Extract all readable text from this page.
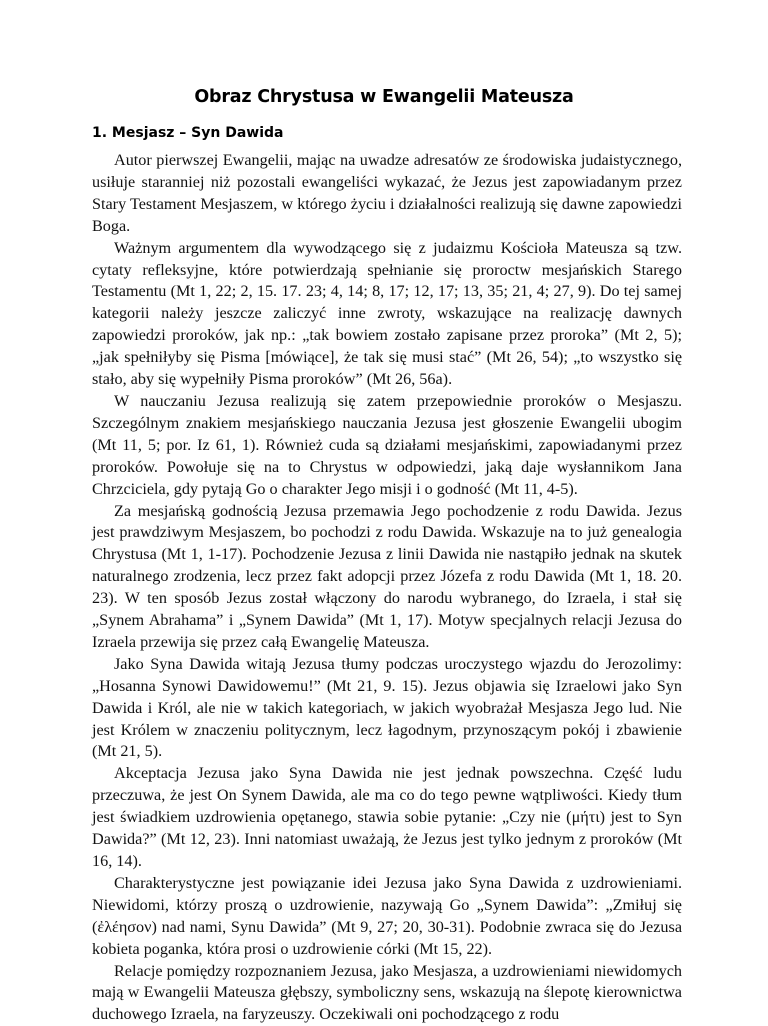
Obraz Chrystusa w Ewangelii Mateusza
1. Mesjasz – Syn Dawida

Autor pierwszej Ewangelii, mając na uwadze adresatów ze środowiska judaistycznego, usiłuje staranniej niż pozostali ewangeliści wykazać, że Jezus jest zapowiadanym przez Stary Testament Mesjaszem, w którego życiu i działalności realizują się dawne zapowiedzi Boga.

Ważnym argumentem dla wywodzącego się z judaizmu Kościoła Mateusza są tzw. cytaty refleksyjne, które potwierdzają spełnianie się proroctw mesjańskich Starego Testamentu (Mt 1, 22; 2, 15. 17. 23; 4, 14; 8, 17; 12, 17; 13, 35; 21, 4; 27, 9). Do tej samej kategorii należy jeszcze zaliczyć inne zwroty, wskazujące na realizację dawnych zapowiedzi proroków, jak np.: „tak bowiem zostało zapisane przez proroka” (Mt 2, 5); „jak spełniłyby się Pisma [mówiące], że tak się musi stać” (Mt 26, 54); „to wszystko się stało, aby się wypełniły Pisma proroków” (Mt 26, 56a).

W nauczaniu Jezusa realizują się zatem przepowiednie proroków o Mesjaszu. Szczególnym znakiem mesjańskiego nauczania Jezusa jest głoszenie Ewangelii ubogim (Mt 11, 5; por. Iz 61, 1). Również cuda są działami mesjańskimi, zapowiadanymi przez proroków. Powołuje się na to Chrystus w odpowiedzi, jaką daje wysłannikom Jana Chrzciciela, gdy pytają Go o charakter Jego misji i o godność (Mt 11, 4-5).

Za mesjańską godnością Jezusa przemawia Jego pochodzenie z rodu Dawida. Jezus jest prawdziwym Mesjaszem, bo pochodzi z rodu Dawida. Wskazuje na to już genealogia Chrystusa (Mt 1, 1-17). Pochodzenie Jezusa z linii Dawida nie nastąpiło jednak na skutek naturalnego zrodzenia, lecz przez fakt adopcji przez Józefa z rodu Dawida (Mt 1, 18. 20. 23). W ten sposób Jezus został włączony do narodu wybranego, do Izraela, i stał się „Synem Abrahama” i „Synem Dawida” (Mt 1, 17). Motyw specjalnych relacji Jezusa do Izraela przewija się przez całą Ewangelię Mateusza.

Jako Syna Dawida witają Jezusa tłumy podczas uroczystego wjazdu do Jerozolimy: „Hosanna Synowi Dawidowemu!” (Mt 21, 9. 15). Jezus objawia się Izraelowi jako Syn Dawida i Król, ale nie w takich kategoriach, w jakich wyobrażał Mesjasza Jego lud. Nie jest Królem w znaczeniu politycznym, lecz łagodnym, przynoszącym pokój i zbawienie (Mt 21, 5).

Akceptacja Jezusa jako Syna Dawida nie jest jednak powszechna. Część ludu przeczuwa, że jest On Synem Dawida, ale ma co do tego pewne wątpliwości. Kiedy tłum jest świadkiem uzdrowienia opętanego, stawia sobie pytanie: „Czy nie (μήτι) jest to Syn Dawida?” (Mt 12, 23). Inni natomiast uważają, że Jezus jest tylko jednym z proroków (Mt 16, 14).

Charakterystyczne jest powiązanie idei Jezusa jako Syna Dawida z uzdrowieniami. Niewidomi, którzy proszą o uzdrowienie, nazywają Go „Synem Dawida”: „Zmiłuj się (ἐλέησον) nad nami, Synu Dawida” (Mt 9, 27; 20, 30-31). Podobnie zwraca się do Jezusa kobieta poganka, która prosi o uzdrowienie córki (Mt 15, 22).

Relacje pomiędzy rozpoznaniem Jezusa, jako Mesjasza, a uzdrowieniami niewidomych mają w Ewangelii Mateusza głębszy, symboliczny sens, wskazują na ślepotę kierownictwa duchowego Izraela, na faryzeuszy. Oczekiwali oni pochodzącego z rodu
